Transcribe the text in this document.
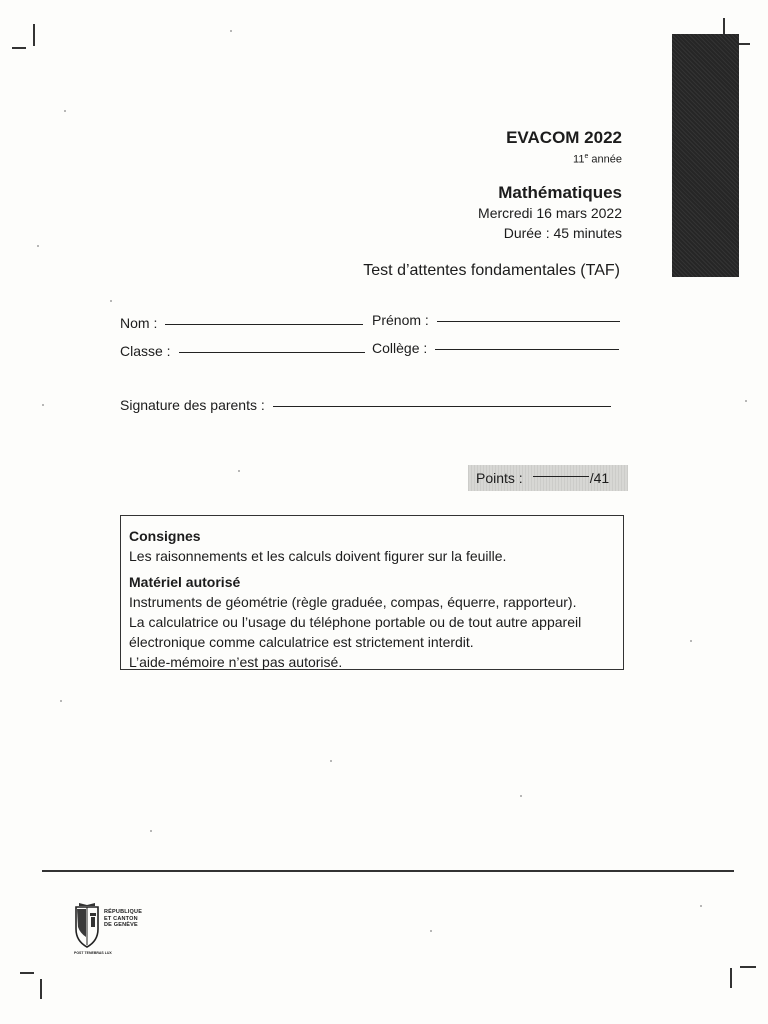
EVACOM 2022
11e année
Mathématiques
Mercredi 16 mars 2022
Durée : 45 minutes
Test d’attentes fondamentales (TAF)
Nom :	Prénom :
Classe :	Collège :
Signature des parents :
Points :	/41
Consignes
Les raisonnements et les calculs doivent figurer sur la feuille.
Matériel autorisé
Instruments de géométrie (règle graduée, compas, équerre, rapporteur).
La calculatrice ou l’usage du téléphone portable ou de tout autre appareil
électronique comme calculatrice est strictement interdit.
L’aide-mémoire n’est pas autorisé.
RÉPUBLIQUE
ET CANTON
DE GENÈVE
POST TENEBRAS LUX
